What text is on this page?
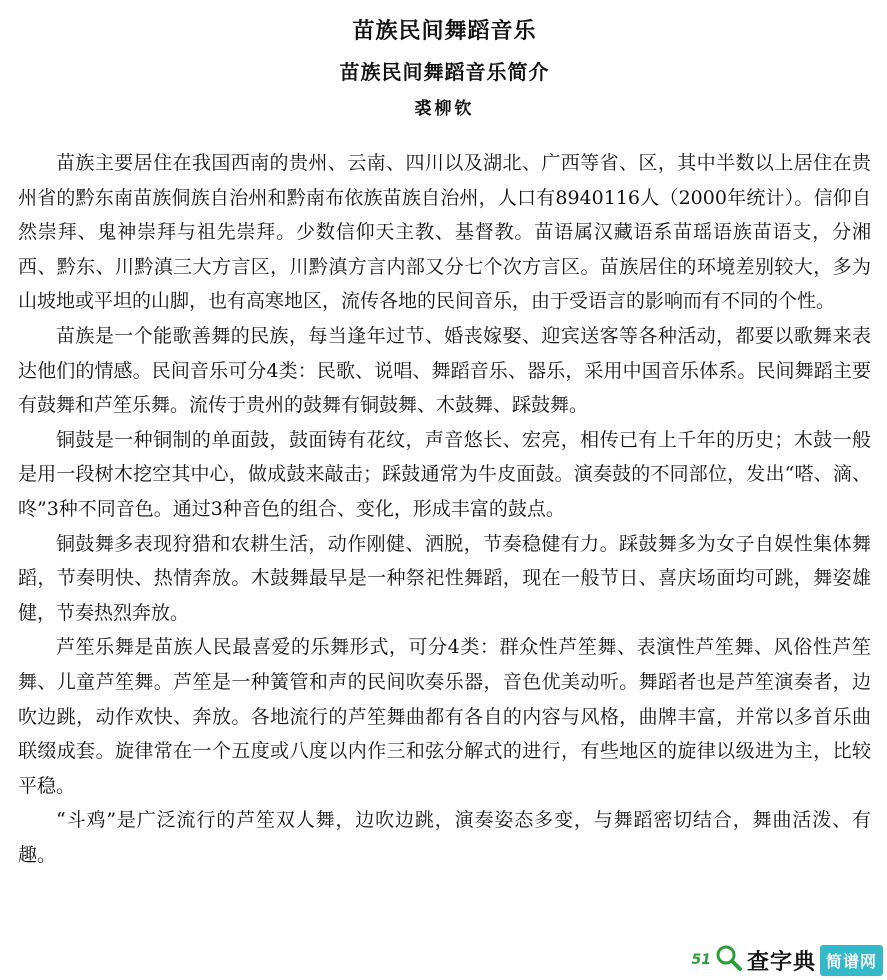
苗族民间舞蹈音乐
苗族民间舞蹈音乐简介

裘柳钦

苗族主要居住在我国西南的贵州、云南、四川以及湖北、广西等省、区，其中半数以上居住在贵州省的黔东南苗族侗族自治州和黔南布依族苗族自治州，人口有8940116人（2000年统计）。信仰自然崇拜、鬼神崇拜与祖先崇拜。少数信仰天主教、基督教。苗语属汉藏语系苗瑶语族苗语支，分湘西、黔东、川黔滇三大方言区，川黔滇方言内部又分七个次方言区。苗族居住的环境差别较大，多为山坡地或平坦的山脚，也有高寒地区，流传各地的民间音乐，由于受语言的影响而有不同的个性。

苗族是一个能歌善舞的民族，每当逢年过节、婚丧嫁娶、迎宾送客等各种活动，都要以歌舞来表达他们的情感。民间音乐可分4类：民歌、说唱、舞蹈音乐、器乐，采用中国音乐体系。民间舞蹈主要有鼓舞和芦笙乐舞。流传于贵州的鼓舞有铜鼓舞、木鼓舞、踩鼓舞。

铜鼓是一种铜制的单面鼓，鼓面铸有花纹，声音悠长、宏亮，相传已有上千年的历史；木鼓一般是用一段树木挖空其中心，做成鼓来敲击；踩鼓通常为牛皮面鼓。演奏鼓的不同部位，发出“嗒、滴、咚”3种不同音色。通过3种音色的组合、变化，形成丰富的鼓点。

铜鼓舞多表现狩猎和农耕生活，动作刚健、洒脱，节奏稳健有力。踩鼓舞多为女子自娱性集体舞蹈，节奏明快、热情奔放。木鼓舞最早是一种祭祀性舞蹈，现在一般节日、喜庆场面均可跳，舞姿雄健，节奏热烈奔放。

芦笙乐舞是苗族人民最喜爱的乐舞形式，可分4类：群众性芦笙舞、表演性芦笙舞、风俗性芦笙舞、儿童芦笙舞。芦笙是一种簧管和声的民间吹奏乐器，音色优美动听。舞蹈者也是芦笙演奏者，边吹边跳，动作欢快、奔放。各地流行的芦笙舞曲都有各自的内容与风格，曲牌丰富，并常以多首乐曲联缀成套。旋律常在一个五度或八度以内作三和弦分解式的进行，有些地区的旋律以级进为主，比较平稳。

“斗鸡”是广泛流行的芦笙双人舞，边吹边跳，演奏姿态多变，与舞蹈密切结合，舞曲活泼、有趣。

51 查字典 简谱网
